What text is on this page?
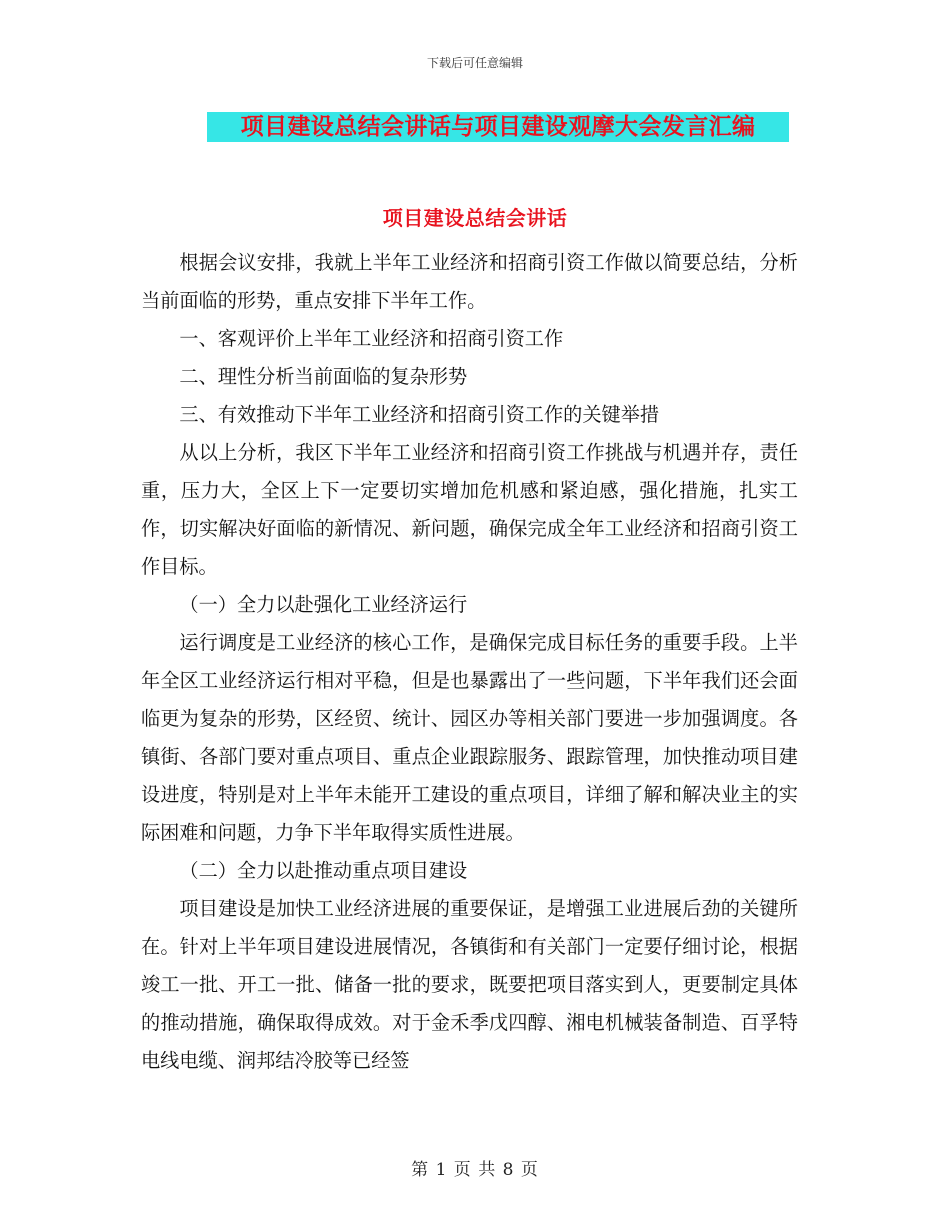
下载后可任意编辑
项目建设总结会讲话与项目建设观摩大会发言汇编
项目建设总结会讲话

根据会议安排，我就上半年工业经济和招商引资工作做以简要总结，分析当前面临的形势，重点安排下半年工作。

一、客观评价上半年工业经济和招商引资工作

二、理性分析当前面临的复杂形势

三、有效推动下半年工业经济和招商引资工作的关键举措

从以上分析，我区下半年工业经济和招商引资工作挑战与机遇并存，责任重，压力大，全区上下一定要切实增加危机感和紧迫感，强化措施，扎实工作，切实解决好面临的新情况、新问题，确保完成全年工业经济和招商引资工作目标。

（一）全力以赴强化工业经济运行

运行调度是工业经济的核心工作，是确保完成目标任务的重要手段。上半年全区工业经济运行相对平稳，但是也暴露出了一些问题，下半年我们还会面临更为复杂的形势，区经贸、统计、园区办等相关部门要进一步加强调度。各镇街、各部门要对重点项目、重点企业跟踪服务、跟踪管理，加快推动项目建设进度，特别是对上半年未能开工建设的重点项目，详细了解和解决业主的实际困难和问题，力争下半年取得实质性进展。

（二）全力以赴推动重点项目建设

项目建设是加快工业经济进展的重要保证，是增强工业进展后劲的关键所在。针对上半年项目建设进展情况，各镇街和有关部门一定要仔细讨论，根据竣工一批、开工一批、储备一批的要求，既要把项目落实到人，更要制定具体的推动措施，确保取得成效。对于金禾季戊四醇、湘电机械装备制造、百孚特电线电缆、润邦结冷胶等已经签

第 1 页 共 8 页
